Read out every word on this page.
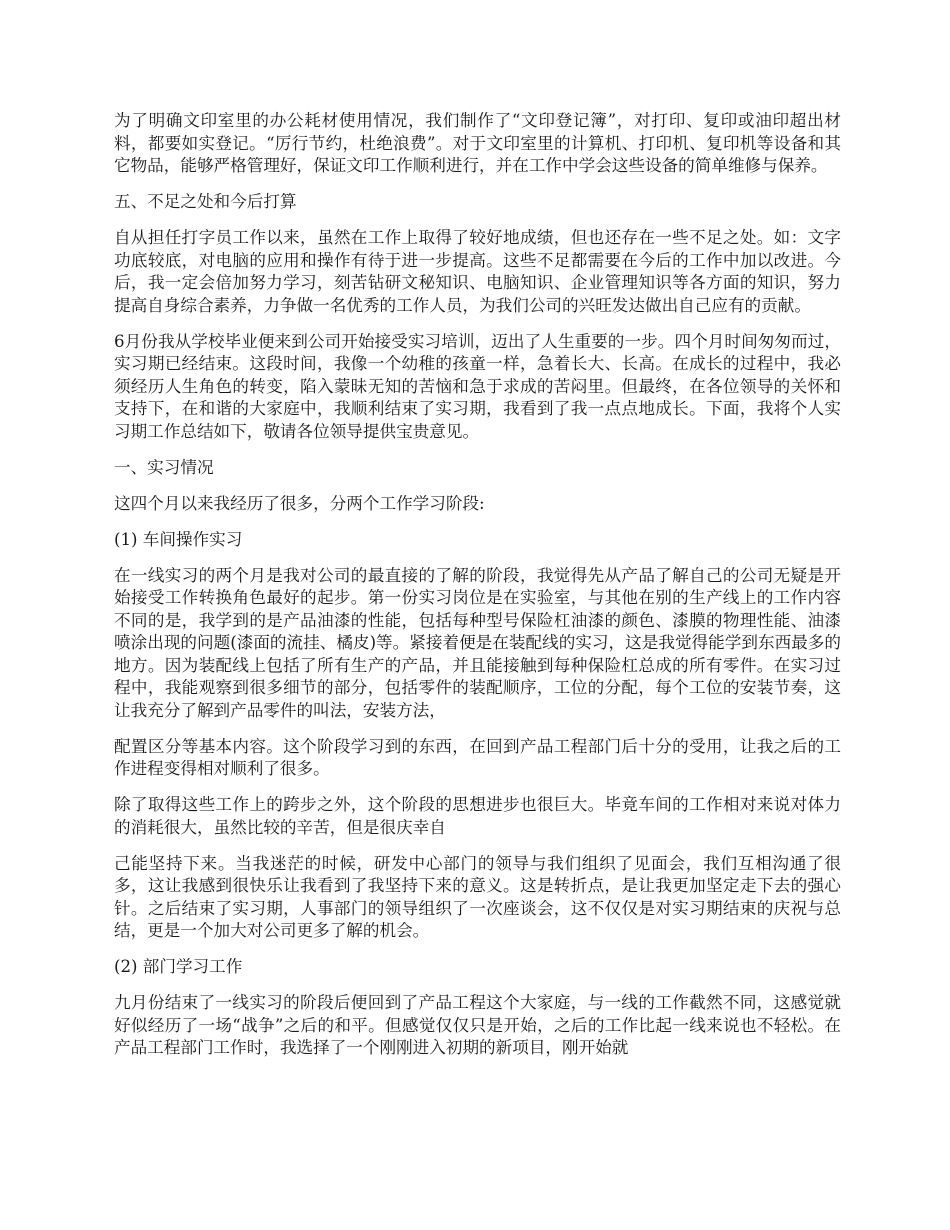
为了明确文印室里的办公耗材使用情况，我们制作了“文印登记簿”，对打印、复印或油印超出材料，都要如实登记。“厉行节约，杜绝浪费”。对于文印室里的计算机、打印机、复印机等设备和其它物品，能够严格管理好，保证文印工作顺利进行，并在工作中学会这些设备的简单维修与保养。

五、不足之处和今后打算

自从担任打字员工作以来，虽然在工作上取得了较好地成绩，但也还存在一些不足之处。如：文字功底较底，对电脑的应用和操作有待于进一步提高。这些不足都需要在今后的工作中加以改进。今后，我一定会倍加努力学习，刻苦钻研文秘知识、电脑知识、企业管理知识等各方面的知识，努力提高自身综合素养，力争做一名优秀的工作人员，为我们公司的兴旺发达做出自己应有的贡献。

6月份我从学校毕业便来到公司开始接受实习培训，迈出了人生重要的一步。四个月时间匆匆而过，实习期已经结束。这段时间，我像一个幼稚的孩童一样，急着长大、长高。在成长的过程中，我必须经历人生角色的转变，陷入蒙昧无知的苦恼和急于求成的苦闷里。但最终，在各位领导的关怀和支持下，在和谐的大家庭中，我顺利结束了实习期，我看到了我一点点地成长。下面，我将个人实习期工作总结如下，敬请各位领导提供宝贵意见。

一、实习情况

这四个月以来我经历了很多，分两个工作学习阶段:

(1) 车间操作实习

在一线实习的两个月是我对公司的最直接的了解的阶段，我觉得先从产品了解自己的公司无疑是开始接受工作转换角色最好的起步。第一份实习岗位是在实验室，与其他在别的生产线上的工作内容不同的是，我学到的是产品油漆的性能，包括每种型号保险杠油漆的颜色、漆膜的物理性能、油漆喷涂出现的问题(漆面的流挂、橘皮)等。紧接着便是在装配线的实习，这是我觉得能学到东西最多的地方。因为装配线上包括了所有生产的产品，并且能接触到每种保险杠总成的所有零件。在实习过程中，我能观察到很多细节的部分，包括零件的装配顺序，工位的分配，每个工位的安装节奏，这让我充分了解到产品零件的叫法，安装方法，

配置区分等基本内容。这个阶段学习到的东西，在回到产品工程部门后十分的受用，让我之后的工作进程变得相对顺利了很多。

除了取得这些工作上的跨步之外，这个阶段的思想进步也很巨大。毕竟车间的工作相对来说对体力的消耗很大，虽然比较的辛苦，但是很庆幸自

己能坚持下来。当我迷茫的时候，研发中心部门的领导与我们组织了见面会，我们互相沟通了很多，这让我感到很快乐让我看到了我坚持下来的意义。这是转折点，是让我更加坚定走下去的强心针。之后结束了实习期，人事部门的领导组织了一次座谈会，这不仅仅是对实习期结束的庆祝与总结，更是一个加大对公司更多了解的机会。

(2) 部门学习工作

九月份结束了一线实习的阶段后便回到了产品工程这个大家庭，与一线的工作截然不同，这感觉就好似经历了一场“战争”之后的和平。但感觉仅仅只是开始，之后的工作比起一线来说也不轻松。在产品工程部门工作时，我选择了一个刚刚进入初期的新项目，刚开始就
